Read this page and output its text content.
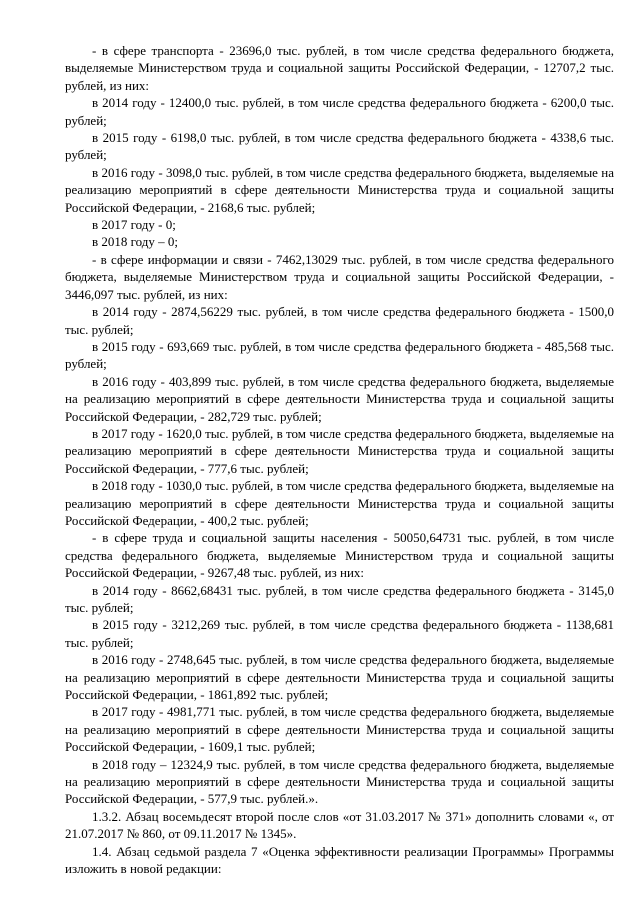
- в сфере транспорта - 23696,0 тыс. рублей, в том числе средства федерального бюджета, выделяемые Министерством труда и социальной защиты Российской Федерации, - 12707,2 тыс. рублей, из них:

в 2014 году - 12400,0 тыс. рублей, в том числе средства федерального бюджета - 6200,0 тыс. рублей;

в 2015 году - 6198,0 тыс. рублей, в том числе средства федерального бюджета - 4338,6 тыс. рублей;

в 2016 году - 3098,0 тыс. рублей, в том числе средства федерального бюджета, выделяемые на реализацию мероприятий в сфере деятельности Министерства труда и социальной защиты Российской Федерации, - 2168,6 тыс. рублей;

в 2017 году - 0;

в 2018 году – 0;

- в сфере информации и связи - 7462,13029 тыс. рублей, в том числе средства федерального бюджета, выделяемые Министерством труда и социальной защиты Российской Федерации, - 3446,097 тыс. рублей, из них:

в 2014 году - 2874,56229 тыс. рублей, в том числе средства федерального бюджета - 1500,0 тыс. рублей;

в 2015 году - 693,669 тыс. рублей, в том числе средства федерального бюджета - 485,568 тыс. рублей;

в 2016 году - 403,899 тыс. рублей, в том числе средства федерального бюджета, выделяемые на реализацию мероприятий в сфере деятельности Министерства труда и социальной защиты Российской Федерации, - 282,729 тыс. рублей;

в 2017 году - 1620,0 тыс. рублей, в том числе средства федерального бюджета, выделяемые на реализацию мероприятий в сфере деятельности Министерства труда и социальной защиты Российской Федерации, - 777,6 тыс. рублей;

в 2018 году - 1030,0 тыс. рублей, в том числе средства федерального бюджета, выделяемые на реализацию мероприятий в сфере деятельности Министерства труда и социальной защиты Российской Федерации, - 400,2 тыс. рублей;

- в сфере труда и социальной защиты населения - 50050,64731 тыс. рублей, в том числе средства федерального бюджета, выделяемые Министерством труда и социальной защиты Российской Федерации, - 9267,48 тыс. рублей, из них:

в 2014 году - 8662,68431 тыс. рублей, в том числе средства федерального бюджета - 3145,0 тыс. рублей;

в 2015 году - 3212,269 тыс. рублей, в том числе средства федерального бюджета - 1138,681 тыс. рублей;

в 2016 году - 2748,645 тыс. рублей, в том числе средства федерального бюджета, выделяемые на реализацию мероприятий в сфере деятельности Министерства труда и социальной защиты Российской Федерации, - 1861,892 тыс. рублей;

в 2017 году - 4981,771 тыс. рублей, в том числе средства федерального бюджета, выделяемые на реализацию мероприятий в сфере деятельности Министерства труда и социальной защиты Российской Федерации, - 1609,1 тыс. рублей;

в 2018 году – 12324,9 тыс. рублей, в том числе средства федерального бюджета, выделяемые на реализацию мероприятий в сфере деятельности Министерства труда и социальной защиты Российской Федерации, - 577,9 тыс. рублей.».

1.3.2. Абзац восемьдесят второй после слов «от 31.03.2017 № 371» дополнить словами «, от 21.07.2017 № 860, от 09.11.2017 № 1345».

1.4. Абзац седьмой раздела 7 «Оценка эффективности реализации Программы» Программы изложить в новой редакции:
